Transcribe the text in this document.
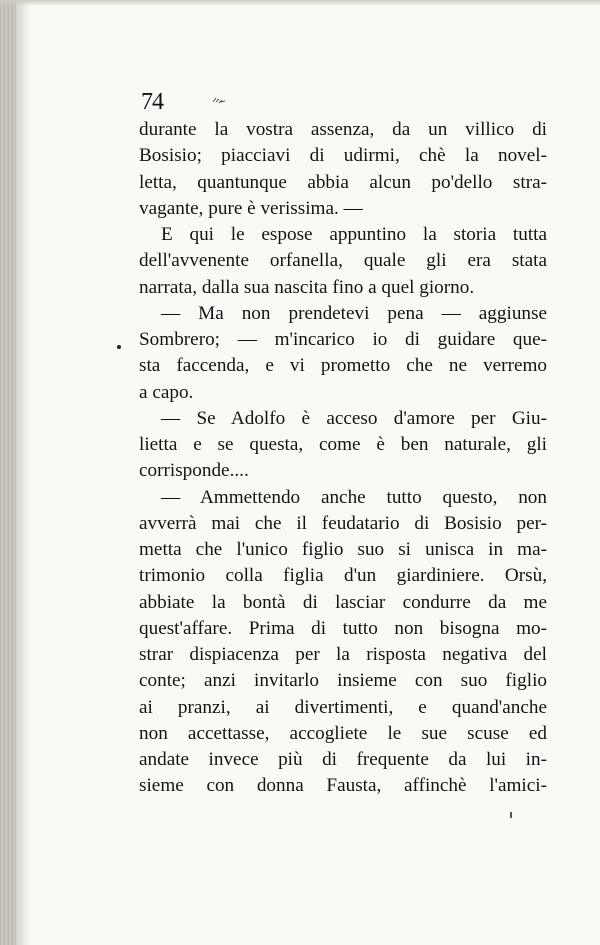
74
durante la vostra assenza, da un villico di
Bosisio; piacciavi di udirmi, chè la novel-
letta, quantunque abbia alcun po'dello stra-
vagante, pure è verissima. —
E qui le espose appuntino la storia tutta
dell'avvenente orfanella, quale gli era stata
narrata, dalla sua nascita fino a quel giorno.
— Ma non prendetevi pena — aggiunse
Sombrero; — m'incarico io di guidare que-
sta faccenda, e vi prometto che ne verremo
a capo.
— Se Adolfo è acceso d'amore per Giu-
lietta e se questa, come è ben naturale, gli
corrisponde....
— Ammettendo anche tutto questo, non
avverrà mai che il feudatario di Bosisio per-
metta che l'unico figlio suo si unisca in ma-
trimonio colla figlia d'un giardiniere. Orsù,
abbiate la bontà di lasciar condurre da me
quest'affare. Prima di tutto non bisogna mo-
strar dispiacenza per la risposta negativa del
conte; anzi invitarlo insieme con suo figlio
ai pranzi, ai divertimenti, e quand'anche
non accettasse, accogliete le sue scuse ed
andate invece più di frequente da lui in-
sieme con donna Fausta, affinchè l'amici-
